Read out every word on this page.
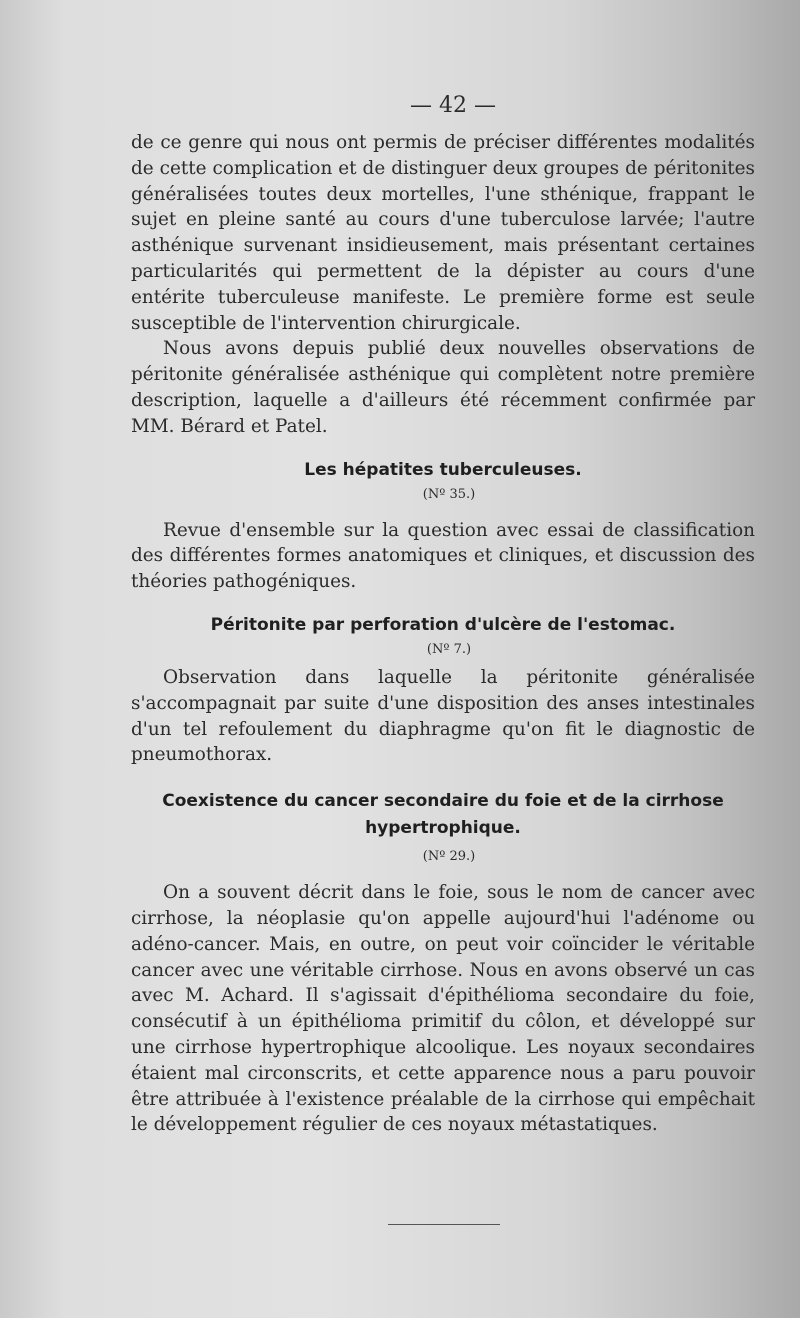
— 42 —

de ce genre qui nous ont permis de préciser différentes modalités de cette complication et de distinguer deux groupes de péritonites généralisées toutes deux mortelles, l'une sthénique, frappant le sujet en pleine santé au cours d'une tuberculose larvée; l'autre asthénique survenant insidieusement, mais présentant certaines particularités qui permettent de la dépister au cours d'une entérite tuberculeuse manifeste. Le première forme est seule susceptible de l'intervention chirurgicale.

Nous avons depuis publié deux nouvelles observations de péritonite généralisée asthénique qui complètent notre première description, laquelle a d'ailleurs été récemment confirmée par MM. Bérard et Patel.

Les hépatites tuberculeuses.
(Nº 35.)

Revue d'ensemble sur la question avec essai de classification des différentes formes anatomiques et cliniques, et discussion des théories pathogéniques.

Péritonite par perforation d'ulcère de l'estomac.
(Nº 7.)

Observation dans laquelle la péritonite généralisée s'accompagnait par suite d'une disposition des anses intestinales d'un tel refoulement du diaphragme qu'on fit le diagnostic de pneumothorax.

Coexistence du cancer secondaire du foie et de la cirrhose hypertrophique.
(Nº 29.)

On a souvent décrit dans le foie, sous le nom de cancer avec cirrhose, la néoplasie qu'on appelle aujourd'hui l'adénome ou adéno-cancer. Mais, en outre, on peut voir coïncider le véritable cancer avec une véritable cirrhose. Nous en avons observé un cas avec M. Achard. Il s'agissait d'épithélioma secondaire du foie, consécutif à un épithélioma primitif du côlon, et développé sur une cirrhose hypertrophique alcoolique. Les noyaux secondaires étaient mal circonscrits, et cette apparence nous a paru pouvoir être attribuée à l'existence préalable de la cirrhose qui empêchait le développement régulier de ces noyaux métastatiques.
